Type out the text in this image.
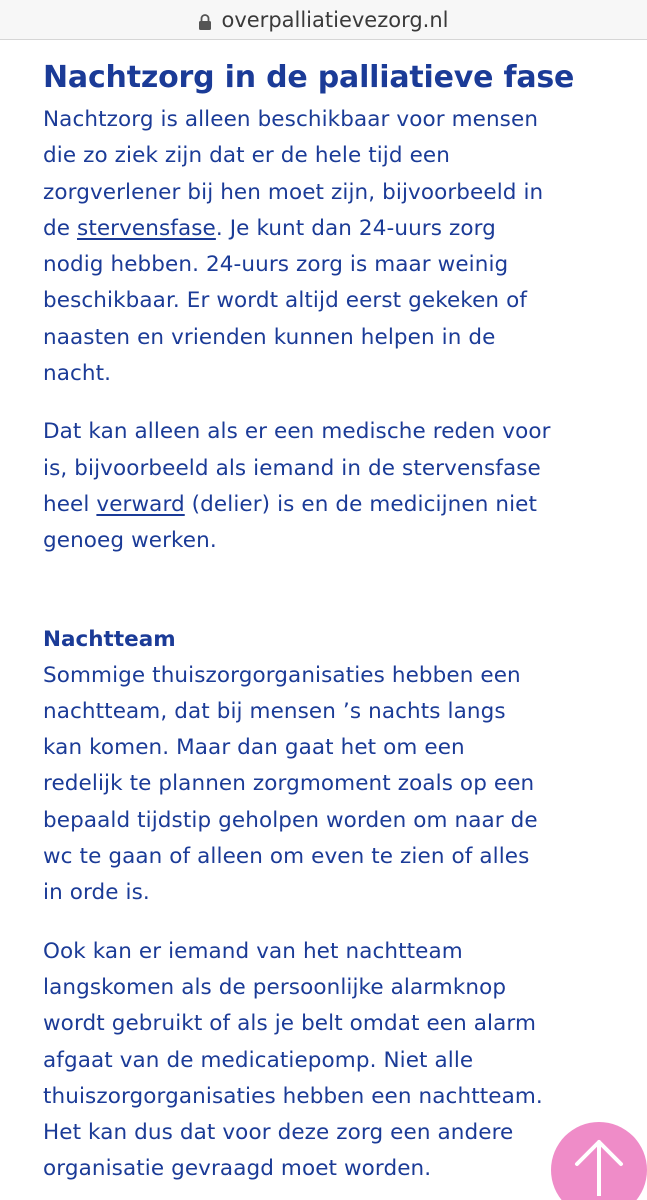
overpalliatievezorg.nl
Nachtzorg in de palliatieve fase

Nachtzorg is alleen beschikbaar voor mensen
die zo ziek zijn dat er de hele tijd een
zorgverlener bij hen moet zijn, bijvoorbeeld in
de stervensfase. Je kunt dan 24-uurs zorg
nodig hebben. 24-uurs zorg is maar weinig
beschikbaar. Er wordt altijd eerst gekeken of
naasten en vrienden kunnen helpen in de
nacht.

Dat kan alleen als er een medische reden voor
is, bijvoorbeeld als iemand in de stervensfase
heel verward (delier) is en de medicijnen niet
genoeg werken.

Nachtteam

Sommige thuiszorgorganisaties hebben een
nachtteam, dat bij mensen ’s nachts langs
kan komen. Maar dan gaat het om een
redelijk te plannen zorgmoment zoals op een
bepaald tijdstip geholpen worden om naar de
wc te gaan of alleen om even te zien of alles
in orde is.

Ook kan er iemand van het nachtteam
langskomen als de persoonlijke alarmknop
wordt gebruikt of als je belt omdat een alarm
afgaat van de medicatiepomp. Niet alle
thuiszorgorganisaties hebben een nachtteam.
Het kan dus dat voor deze zorg een andere
organisatie gevraagd moet worden.
